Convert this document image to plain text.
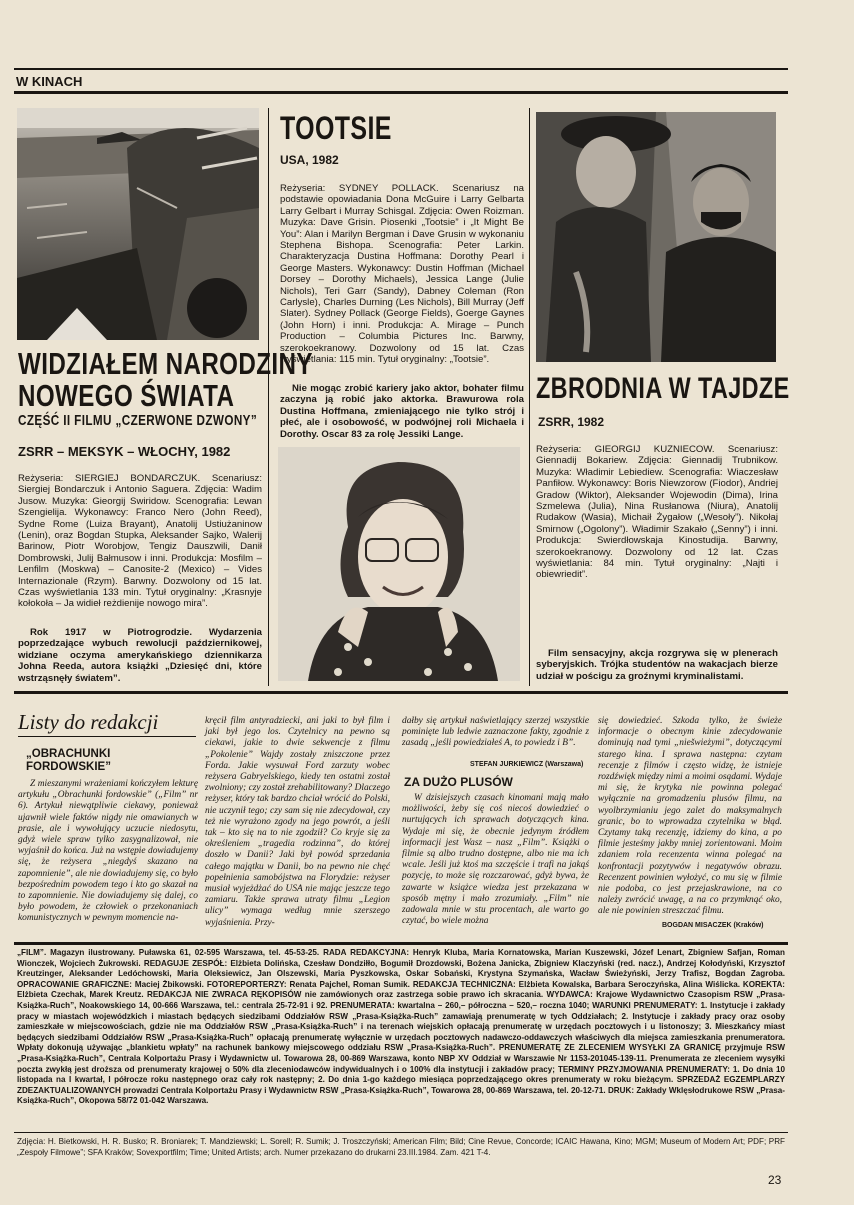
W KINACH
WIDZIAŁEM NARODZINY
NOWEGO ŚWIATA
CZĘŚĆ II FILMU „CZERWONE DZWONY”
ZSRR – MEKSYK – WŁOCHY, 1982
Reżyseria: SIERGIEJ BONDARCZUK. Scenariusz: Siergiej Bondarczuk i Antonio Saguera. Zdjęcia: Wadim Jusow. Muzyka: Gieorgij Swiridow. Scenografia: Lewan Szengielija. Wykonawcy: Franco Nero (John Reed), Sydne Rome (Luiza Brayant), Anatolij Ustiużaninow (Lenin), oraz Bogdan Stupka, Aleksander Sajko, Walerij Barinow, Piotr Worobjow, Tengiz Dauszwili, Danił Dombrowski, Julij Bałmusow i inni. Produkcja: Mosfilm – Lenfilm (Moskwa) – Canosite-2 (Mexico) – Vides Internazionale (Rzym). Barwny. Dozwolony od 15 lat. Czas wyświetlania 133 min. Tytuł oryginalny: „Krasnyje kołokoła – Ja widieł reżdienije nowogo mira”.
Rok 1917 w Piotrogrodzie. Wydarzenia poprzedzające wybuch rewolucji październikowej, widziane oczyma amerykańskiego dziennikarza Johna Reeda, autora książki „Dziesięć dni, które wstrząsnęły światem”.
TOOTSIE
USA, 1982
Reżyseria: SYDNEY POLLACK. Scenariusz na podstawie opowiadania Dona McGuire i Larry Gelbarta Larry Gelbart i Murray Schisgal. Zdjęcia: Owen Roizman. Muzyka: Dave Grisin. Piosenki „Tootsie” i „It Might Be You”: Alan i Marilyn Bergman i Dave Grusin w wykonaniu Stephena Bishopa. Scenografia: Peter Larkin. Charakteryzacja Dustina Hoffmana: Dorothy Pearl i George Masters. Wykonawcy: Dustin Hoffman (Michael Dorsey – Dorothy Michaels), Jessica Lange (Julie Nichols), Teri Garr (Sandy), Dabney Coleman (Ron Carlysle), Charles Durning (Les Nichols), Bill Murray (Jeff Slater). Sydney Pollack (George Fields), Goerge Gaynes (John Horn) i inni. Produkcja: A. Mirage – Punch Production – Columbia Pictures Inc. Barwny, szerokoekranowy. Dozwolony od 15 lat. Czas wyświetlania: 115 min. Tytuł oryginalny: „Tootsie”.
Nie mogąc zrobić kariery jako aktor, bohater filmu zaczyna ją robić jako aktorka. Brawurowa rola Dustina Hoffmana, zmieniającego nie tylko strój i płeć, ale i osobowość, w podwójnej roli Michaela i Dorothy. Oscar 83 za rolę Jessiki Lange.
ZBRODNIA W TAJDZE
ZSRR, 1982
Reżyseria: GIEORGIJ KUZNIECOW. Scenariusz: Giennadij Bokariew. Zdjęcia: Giennadij Trubnikow. Muzyka: Władimir Lebiediew. Scenografia: Wiaczesław Panfiłow. Wykonawcy: Boris Niewzorow (Fiodor), Andriej Gradow (Wiktor), Aleksander Wojewodin (Dima), Irina Szmelewa (Julia), Nina Rusłanowa (Niura), Anatolij Rudakow (Wasia), Michaił Żygałow („Wesoły”). Nikołaj Smirnow („Ogolony”). Władimir Szakało („Senny”) i inni. Produkcja: Swierdłowskaja Kinostudija. Barwny, szerokoekranowy. Dozwolony od 12 lat. Czas wyświetlania: 84 min. Tytuł oryginalny: „Najti i obiewriedit”.
Film sensacyjny, akcja rozgrywa się w plenerach syberyjskich. Trójka studentów na wakacjach bierze udział w pościgu za groźnymi kryminalistami.
Listy do redakcji
„OBRACHUNKI FORDOWSKIE”
Z mieszanymi wrażeniami kończyłem lekturę artykułu „Obrachunki fordowskie” („Film” nr 6). Artykuł niewątpliwie ciekawy, ponieważ ujawnił wiele faktów nigdy nie omawianych w prasie, ale i wywołujący uczucie niedosytu, gdyż wiele spraw tylko zasygnalizował, nie wyjaśnił do końca. Już na wstępie dowiadujemy się, że reżysera „niegdyś skazano na zapomnienie”, ale nie dowiadujemy się, co było bezpośrednim powodem tego i kto go skazał na to zapomnienie. Nie dowiadujemy się dalej, co było powodem, że człowiek o przekonaniach komunistycznych w pewnym momencie na-
kręcił film antyradziecki, ani jaki to był film i jaki był jego los. Czytelnicy na pewno są ciekawi, jakie to dwie sekwencje z filmu „Pokolenie” Wajdy zostały zniszczone przez Forda. Jakie wysuwał Ford zarzuty wobec reżysera Gabryelskiego, kiedy ten ostatni został zwolniony; czy został zrehabilitowany? Dlaczego reżyser, który tak bardzo chciał wrócić do Polski, nie uczynił tego; czy sam się nie zdecydował, czy też nie wyrażono zgody na jego powrót, a jeśli tak – kto się na to nie zgodził? Co kryje się za określeniem „tragedia rodzinna”, do której doszło w Danii? Jaki był powód sprzedania całego majątku w Danii, bo na pewno nie chęć popełnienia samobójstwa na Florydzie: reżyser musiał wyjeżdżać do USA nie mając jeszcze tego zamiaru. Także sprawa utraty filmu „Legion ulicy” wymaga według mnie szerszego wyjaśnienia. Przy-
dałby się artykuł naświetlający szerzej wszystkie pominięte lub ledwie zaznaczone fakty, zgodnie z zasadą „jeśli powiedziałeś A, to powiedz i B”.
STEFAN JURKIEWICZ (Warszawa)
ZA DUŻO PLUSÓW
W dzisiejszych czasach kinomani mają mało możliwości, żeby się coś niecoś dowiedzieć o nurtujących ich sprawach dotyczących kina. Wydaje mi się, że obecnie jedynym źródłem informacji jest Wasz – nasz „Film”. Książki o filmie są albo trudno dostępne, albo nie ma ich wcale. Jeśli już ktoś ma szczęście i trafi na jakąś pozycję, to może się rozczarować, gdyż bywa, że zawarte w książce wiedza jest przekazana w sposób mętny i mało zrozumiały. „Film” nie zadowala mnie w stu procentach, ale warto go czytać, bo wiele można
się dowiedzieć. Szkoda tylko, że świeże informacje o obecnym kinie zdecydowanie dominują nad tymi „niešwieżymi”, dotyczącymi starego kina. I sprawa następna: czytam recenzje z filmów i często widzę, że istnieje rozdźwięk między nimi a moimi osądami. Wydaje mi się, że krytyka nie powinna polegać wyłącznie na gromadzeniu plusów filmu, na wyolbrzymianiu jego zalet do maksymalnych granic, bo to wprowadza czytelnika w błąd. Czytamy taką recenzję, idziemy do kina, a po filmie jesteśmy jakby mniej zorientowani. Moim zdaniem rola recenzenta winna polegać na konfrontacji pozytywów i negatywów obrazu. Recenzent powinien wyłożyć, co mu się w filmie nie podoba, co jest przejaskrawione, na co należy zwrócić uwagę, a na co przymknąć oko, ale nie powinien streszczać filmu.
BOGDAN MISACZEK (Kraków)
„FILM”. Magazyn ilustrowany. Puławska 61, 02-595 Warszawa, tel. 45-53-25. RADA REDAKCYJNA: Henryk Kluba, Maria Kornatowska, Marian Kuszewski, Józef Lenart, Zbigniew Safjan, Roman Wionczek, Wojciech Żukrowski. REDAGUJE ZESPÓŁ: Elżbieta Dolińska, Czesław Dondziłło, Bogumił Drozdowski, Bożena Janicka, Zbigniew Klaczyński (red. nacz.), Andrzej Kołodyński, Krzysztof Kreutzinger, Aleksander Ledóchowski, Maria Oleksiewicz, Jan Olszewski, Maria Pyszkowska, Oskar Sobański, Krystyna Szymańska, Wacław Świeżyński, Jerzy Trafisz, Bogdan Zagroba. OPRACOWANIE GRAFICZNE: Maciej Żbikowski. FOTOREPORTERZY: Renata Pajchel, Roman Sumik. REDAKCJA TECHNICZNA: Elżbieta Kowalska, Barbara Seroczyńska, Alina Wiślicka. KOREKTA: Elżbieta Czechak, Marek Kreutz. REDAKCJA NIE ZWRACA RĘKOPISÓW nie zamówionych oraz zastrzega sobie prawo ich skracania. WYDAWCA: Krajowe Wydawnictwo Czasopism RSW „Prasa-Książka-Ruch”, Noakowskiego 14, 00-666 Warszawa, tel.: centrala 25-72-91 i 92. PRENUMERATA: kwartalna – 260,– półroczna – 520,– roczna 1040; WARUNKI PRENUMERATY: 1. Instytucje i zakłady pracy w miastach wojewódzkich i miastach będących siedzibami Oddziałów RSW „Prasa-Książka-Ruch” zamawiają prenumeratę w tych Oddziałach; 2. Instytucje i zakłady pracy oraz osoby zamieszkałe w miejscowościach, gdzie nie ma Oddziałów RSW „Prasa-Książka-Ruch” i na terenach wiejskich opłacają prenumeratę w urzędach pocztowych i u listonoszy; 3. Mieszkańcy miast będących siedzibami Oddziałów RSW „Prasa-Książka-Ruch” opłacają prenumeratę wyłącznie w urzędach pocztowych nadawczo-oddawczych właściwych dla miejsca zamieszkania prenumeratora. Wpłaty dokonują używając „blankietu wpłaty” na rachunek bankowy miejscowego oddziału RSW „Prasa-Książka-Ruch”. PRENUMERATĘ ZE ZLECENIEM WYSYŁKI ZA GRANICĘ przyjmuje RSW „Prasa-Książka-Ruch”, Centrala Kolportażu Prasy i Wydawnictw ul. Towarowa 28, 00-869 Warszawa, konto NBP XV Oddział w Warszawie Nr 1153-201045-139-11. Prenumerata ze zleceniem wysyłki poczta zwykłą jest droższa od prenumeraty krajowej o 50% dla zleceniodawców indywidualnych i o 100% dla instytucji i zakładów pracy; TERMINY PRZYJMOWANIA PRENUMERATY: 1. Do dnia 10 listopada na I kwartał, I półrocze roku następnego oraz cały rok następny; 2. Do dnia 1-go każdego miesiąca poprzedzającego okres prenumeraty w roku bieżącym. SPRZEDAŻ EGZEMPLARZY ZDEZAKTUALIZOWANYCH prowadzi Centrala Kolportażu Prasy i Wydawnictw RSW „Prasa-Książka-Ruch”, Towarowa 28, 00-869 Warszawa, tel. 20-12-71. DRUK: Zakłady Wklęsłodrukowe RSW „Prasa-Książka-Ruch”, Okopowa 58/72 01-042 Warszawa.
Zdjęcia: H. Bietkowski, H. R. Busko; R. Broniarek; T. Mandziewski; L. Sorell; R. Sumik; J. Troszczyński; American Film; Bild; Cine Revue, Concorde; ICAIC Hawana, Kino; MGM; Museum of Modern Art; PDF; PRF „Zespoły Filmowe”; SFA Kraków; Sovexportfilm; Time; United Artists; arch. Numer przekazano do drukarni 23.III.1984. Zam. 421 T-4.
23
